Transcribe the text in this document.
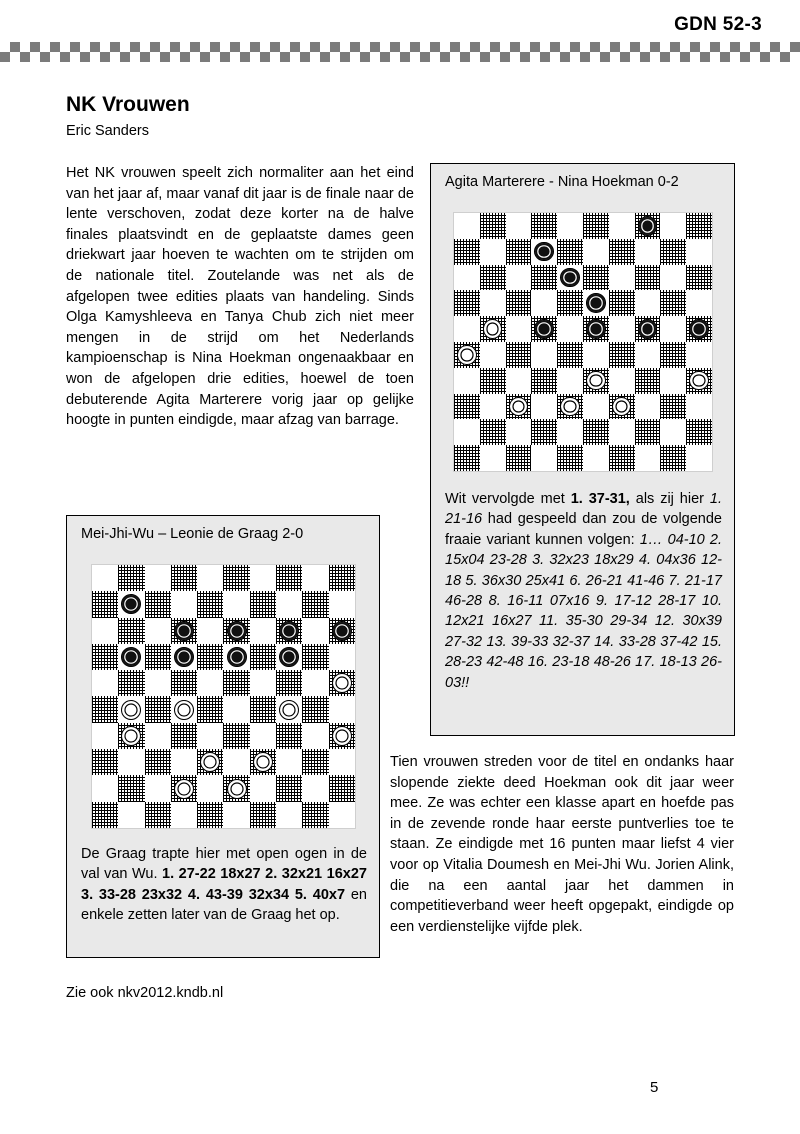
GDN 52-3
NK Vrouwen
Eric Sanders
Het NK vrouwen speelt zich normaliter aan het eind van het jaar af, maar vanaf dit jaar is de finale naar de lente verschoven, zodat deze korter na de halve finales plaatsvindt en de geplaatste dames geen driekwart jaar hoeven te wachten om te strijden om de nationale titel. Zoutelande was net als de afgelopen twee edities plaats van handeling. Sinds Olga Kamyshleeva en Tanya Chub zich niet meer mengen in de strijd om het Nederlands kampioenschap is Nina Hoekman ongenaakbaar en won de afgelopen drie edities, hoewel de toen debuterende Agita Marterere vorig jaar op gelijke hoogte in punten eindigde, maar afzag van barrage.
Agita Marterere - Nina Hoekman 0-2
Wit vervolgde met 1. 37-31, als zij hier 1. 21-16 had gespeeld dan zou de volgende fraaie variant kunnen volgen: 1… 04-10 2. 15x04 23-28 3. 32x23 18x29 4. 04x36 12-18 5. 36x30 25x41 6. 26-21 41-46 7. 21-17 46-28 8. 16-11 07x16 9. 17-12 28-17 10. 12x21 16x27 11. 35-30 29-34 12. 30x39 27-32 13. 39-33 32-37 14. 33-28 37-42 15. 28-23 42-48 16. 23-18 48-26 17. 18-13 26-03!!
Mei-Jhi-Wu – Leonie de Graag 2-0
De Graag trapte hier met open ogen in de val van Wu. 1. 27-22 18x27 2. 32x21 16x27 3. 33-28 23x32 4. 43-39 32x34 5. 40x7 en enkele zetten later van de Graag het op.
Tien vrouwen streden voor de titel en ondanks haar slopende ziekte deed Hoekman ook dit jaar weer mee. Ze was echter een klasse apart en hoefde pas in de zevende ronde haar eerste puntverlies toe te staan. Ze eindigde met 16 punten maar liefst 4 vier voor op Vitalia Doumesh en Mei-Jhi Wu. Jorien Alink, die na een aantal jaar het dammen in competitieverband weer heeft opgepakt, eindigde op een verdienstelijke vijfde plek.
Zie ook nkv2012.kndb.nl
5
